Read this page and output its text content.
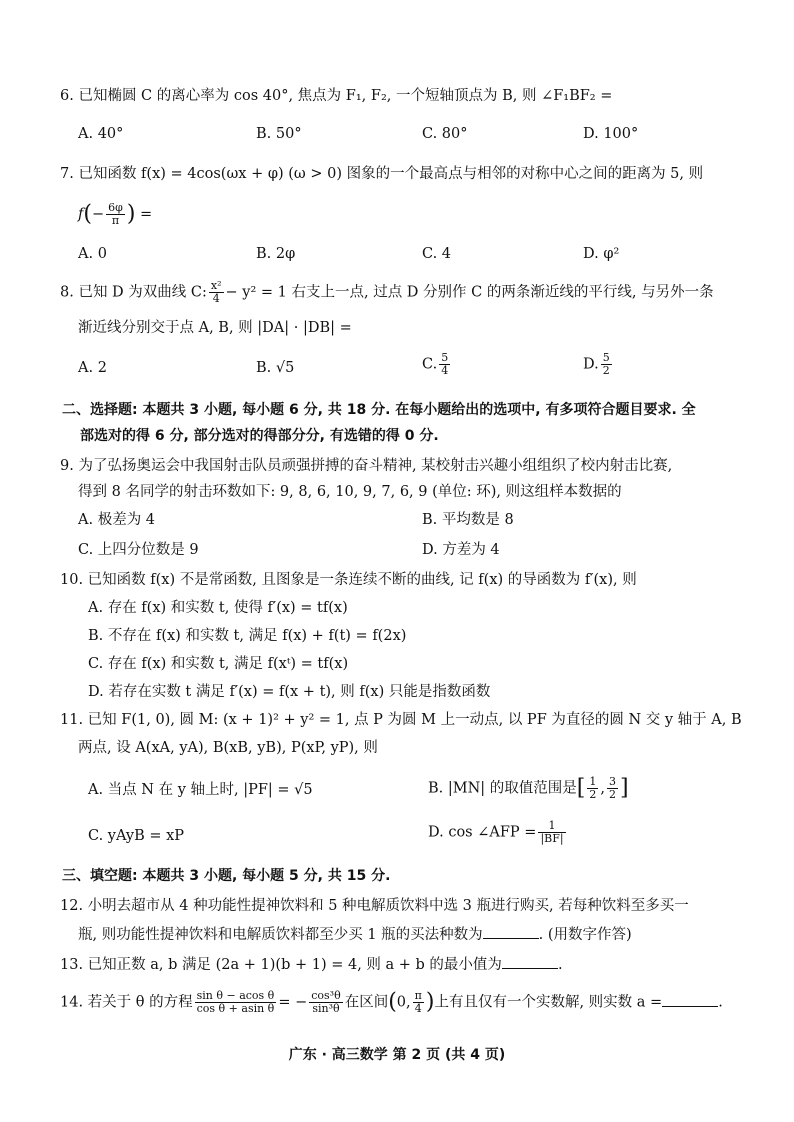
6. 已知椭圆 C 的离心率为 cos 40°, 焦点为 F₁, F₂, 一个短轴顶点为 B, 则 ∠F₁BF₂ =
A. 40°	B. 50°	C. 80°	D. 100°
7. 已知函数 f(x) = 4cos(ωx + φ) (ω > 0) 图象的一个最高点与相邻的对称中心之间的距离为 5, 则
$f(- \frac{6\varphi}{\pi}$ ) =
A. 0	B. 2φ	C. 4	D. φ²
8. 已知 D 为双曲线 C: $\frac{\text{x²}}{4} - y^2 = 1$ 右支上一点, 过点 D 分别作 C 的两条渐近线的平行线, 与另外一条
渐近线分别交于点 A, B, 则 |DA| · |DB| =
A. 2	B. √5	C. $\frac{5}{4}$	D. $\frac{5}{2}$
二、选择题: 本题共 3 小题, 每小题 6 分, 共 18 分. 在每小题给出的选项中, 有多项符合题目要求. 全
部选对的得 6 分, 部分选对的得部分分, 有选错的得 0 分.
9. 为了弘扬奥运会中我国射击队员顽强拼搏的奋斗精神, 某校射击兴趣小组组织了校内射击比赛,
得到 8 名同学的射击环数如下: 9, 8, 6, 10, 9, 7, 6, 9 (单位: 环), 则这组样本数据的
A. 极差为 4	B. 平均数是 8
C. 上四分位数是 9	D. 方差为 4
10. 已知函数 f(x) 不是常函数, 且图象是一条连续不断的曲线, 记 f(x) 的导函数为 f′(x), 则
A. 存在 f(x) 和实数 t, 使得 f′(x) = tf(x)
B. 不存在 f(x) 和实数 t, 满足 f(x) + f(t) = f(2x)
C. 存在 f(x) 和实数 t, 满足 f(xᵗ) = tf(x)
D. 若存在实数 t 满足 f′(x) = f(x + t), 则 f(x) 只能是指数函数
11. 已知 F(1, 0), 圆 M: (x + 1)² + y² = 1, 点 P 为圆 M 上一动点, 以 PF 为直径的圆 N 交 y 轴于 A, B
两点, 设 A(xA, yA), B(xB, yB), P(xP, yP), 则
A. 当点 N 在 y 轴上时, |PF| = √5	B. |MN| 的取值范围是[ $\frac{1}{2}$ , $\frac{3}{2}$ ]
C. yAyB = xP	D. cos ∠AFP = $\frac{1}{|BF|}$
三、填空题: 本题共 3 小题, 每小题 5 分, 共 15 分.
12. 小明去超市从 4 种功能性提神饮料和 5 种电解质饮料中选 3 瓶进行购买, 若每种饮料至多买一
瓶, 则功能性提神饮料和电解质饮料都至少买 1 瓶的买法种数为	. (用数字作答)
13. 已知正数 a, b 满足 (2a + 1)(b + 1) = 4, 则 a + b 的最小值为	.
14. 若关于 θ 的方程 $\frac{\text{sin θ − acos θ}}{\text{cos θ + asin θ}}$ = − $\frac{\text{cos³θ}}{\text{sin³θ}}$ 在区间(0, $\frac{\pi}{4}$ )上有且仅有一个实数解, 则实数 a =	.
广东 · 高三数学 第 2 页 (共 4 页)
